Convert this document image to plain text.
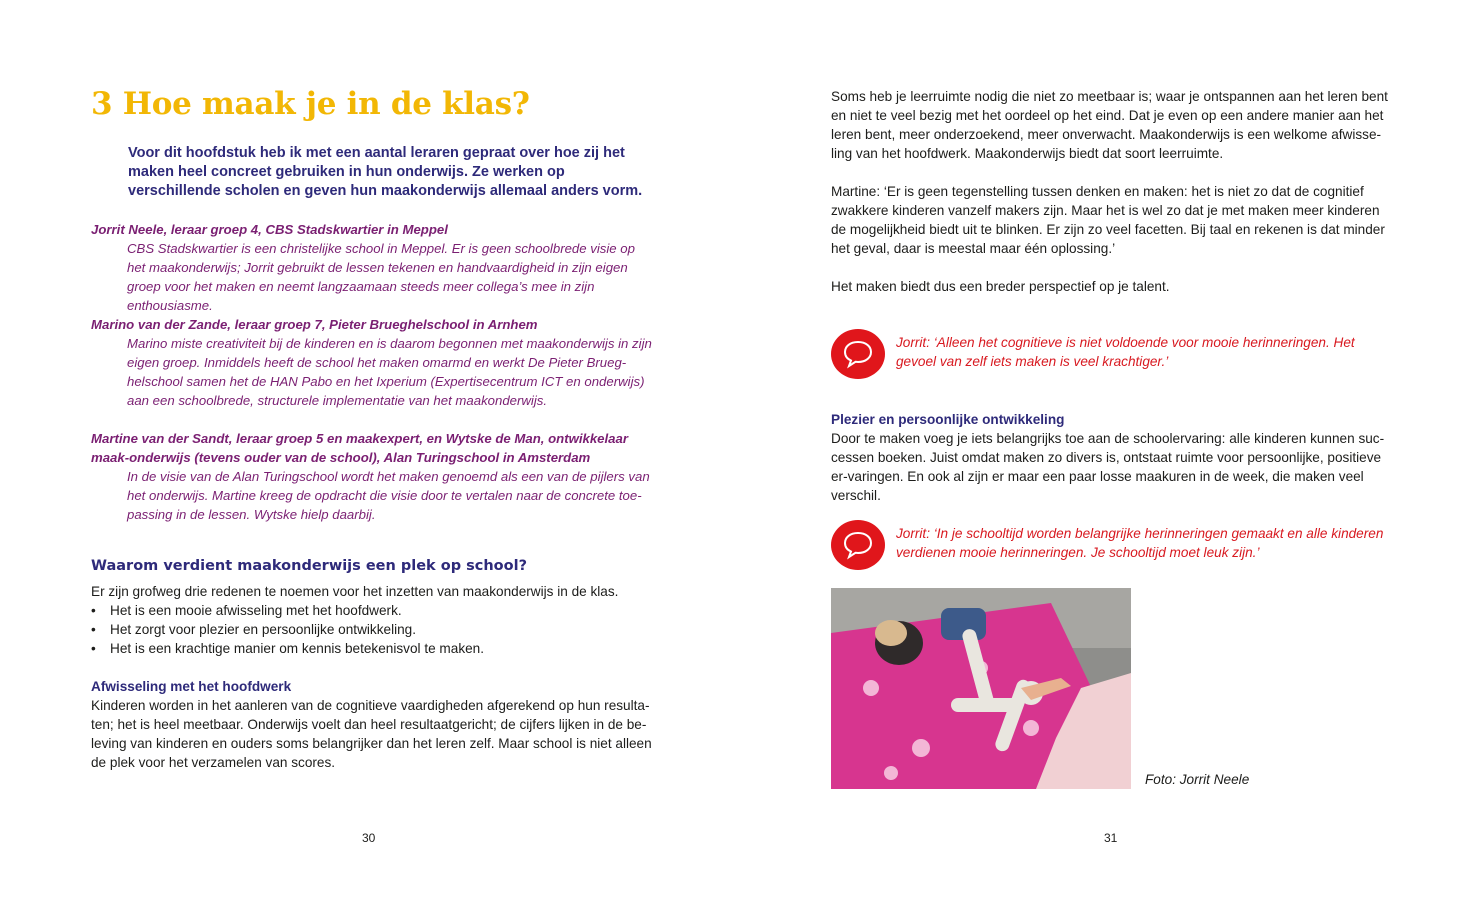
3 Hoe maak je in de klas?

Voor dit hoofdstuk heb ik met een aantal leraren gepraat over hoe zij het maken heel concreet gebruiken in hun onderwijs. Ze werken op verschillende scholen en geven hun maakonderwijs allemaal anders vorm.

Jorrit Neele, leraar groep 4, CBS Stadskwartier in Meppel

CBS Stadskwartier is een christelijke school in Meppel. Er is geen schoolbrede visie op het maakonderwijs; Jorrit gebruikt de lessen tekenen en handvaardigheid in zijn eigen groep voor het maken en neemt langzaamaan steeds meer collega’s mee in zijn enthousiasme.

Marino van der Zande, leraar groep 7, Pieter Brueghelschool in Arnhem

Marino miste creativiteit bij de kinderen en is daarom begonnen met maakonderwijs in zijn eigen groep. Inmiddels heeft de school het maken omarmd en werkt De Pieter Brueg-helschool samen het de HAN Pabo en het Ixperium (Expertisecentrum ICT en onderwijs) aan een schoolbrede, structurele implementatie van het maakonderwijs.

Martine van der Sandt, leraar groep 5 en maakexpert, en Wytske de Man, ontwikkelaar maak-onderwijs (tevens ouder van de school), Alan Turingschool in Amsterdam

In de visie van de Alan Turingschool wordt het maken genoemd als een van de pijlers van het onderwijs. Martine kreeg de opdracht die visie door te vertalen naar de concrete toe-passing in de lessen. Wytske hielp daarbij.

Waarom verdient maakonderwijs een plek op school?

Er zijn grofweg drie redenen te noemen voor het inzetten van maakonderwijs in de klas.

• Het is een mooie afwisseling met het hoofdwerk.
• Het zorgt voor plezier en persoonlijke ontwikkeling.
• Het is een krachtige manier om kennis betekenisvol te maken.
Afwisseling met het hoofdwerk

Kinderen worden in het aanleren van de cognitieve vaardigheden afgerekend op hun resulta-ten; het is heel meetbaar. Onderwijs voelt dan heel resultaatgericht; de cijfers lijken in de be-leving van kinderen en ouders soms belangrijker dan het leren zelf. Maar school is niet alleen de plek voor het verzamelen van scores.

30

Soms heb je leerruimte nodig die niet zo meetbaar is; waar je ontspannen aan het leren bent en niet te veel bezig met het oordeel op het eind. Dat je even op een andere manier aan het leren bent, meer onderzoekend, meer onverwacht. Maakonderwijs is een welkome afwisse-ling van het hoofdwerk. Maakonderwijs biedt dat soort leerruimte.

Martine: ‘Er is geen tegenstelling tussen denken en maken: het is niet zo dat de cognitief zwakkere kinderen vanzelf makers zijn. Maar het is wel zo dat je met maken meer kinderen de mogelijkheid biedt uit te blinken. Er zijn zo veel facetten. Bij taal en rekenen is dat minder het geval, daar is meestal maar één oplossing.’

Het maken biedt dus een breder perspectief op je talent.

Jorrit: ‘Alleen het cognitieve is niet voldoende voor mooie herinneringen. Het gevoel van zelf iets maken is veel krachtiger.’

Plezier en persoonlijke ontwikkeling

Door te maken voeg je iets belangrijks toe aan de schoolervaring: alle kinderen kunnen suc-cessen boeken. Juist omdat maken zo divers is, ontstaat ruimte voor persoonlijke, positieve er-varingen. En ook al zijn er maar een paar losse maakuren in de week, die maken veel verschil.

Jorrit: ‘In je schooltijd worden belangrijke herinneringen gemaakt en alle kinderen verdienen mooie herinneringen. Je schooltijd moet leuk zijn.’

Foto: Jorrit Neele

31
